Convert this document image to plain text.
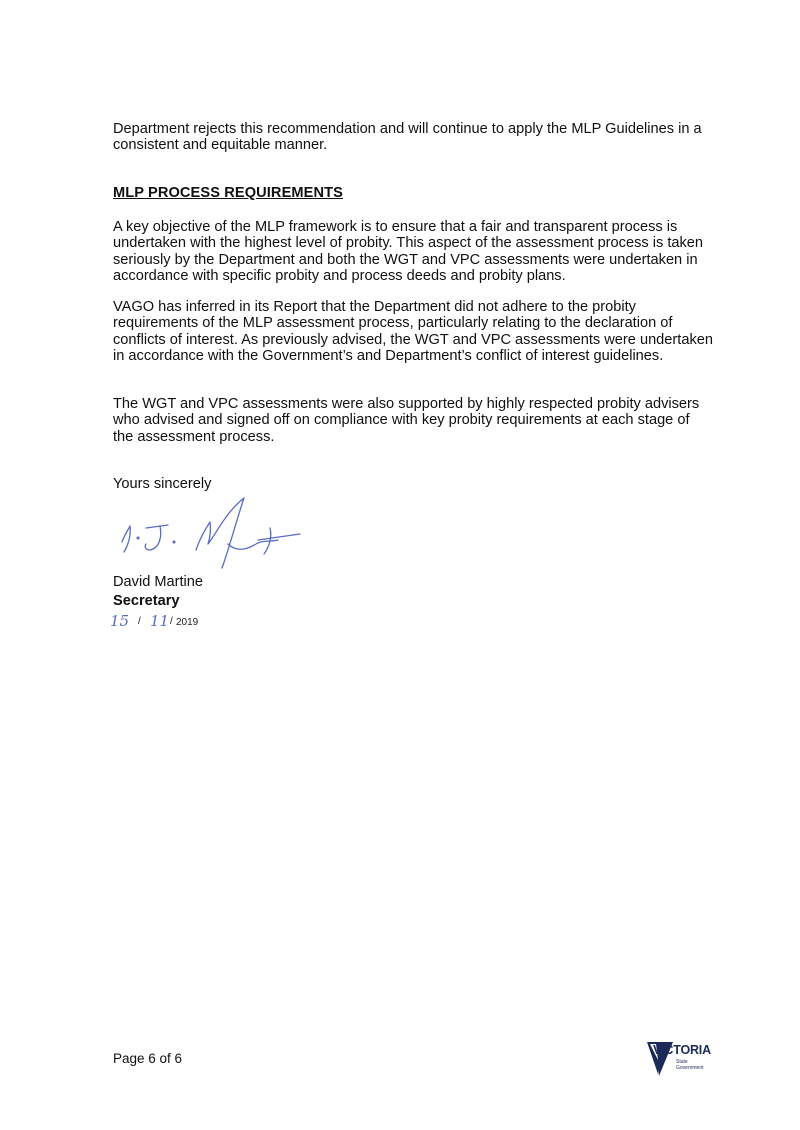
Department rejects this recommendation and will continue to apply the MLP Guidelines in a consistent and equitable manner.
MLP PROCESS REQUIREMENTS
A key objective of the MLP framework is to ensure that a fair and transparent process is undertaken with the highest level of probity. This aspect of the assessment process is taken seriously by the Department and both the WGT and VPC assessments were undertaken in accordance with specific probity and process deeds and probity plans.
VAGO has inferred in its Report that the Department did not adhere to the probity requirements of the MLP assessment process, particularly relating to the declaration of conflicts of interest. As previously advised, the WGT and VPC assessments were undertaken in accordance with the Government’s and Department’s conflict of interest guidelines.
The WGT and VPC assessments were also supported by highly respected probity advisers who advised and signed off on compliance with key probity requirements at each stage of the assessment process.
Yours sincerely
David Martine
Secretary
15 / 11 / 2019
Page 6 of 6
VICTORIA
State
Government
